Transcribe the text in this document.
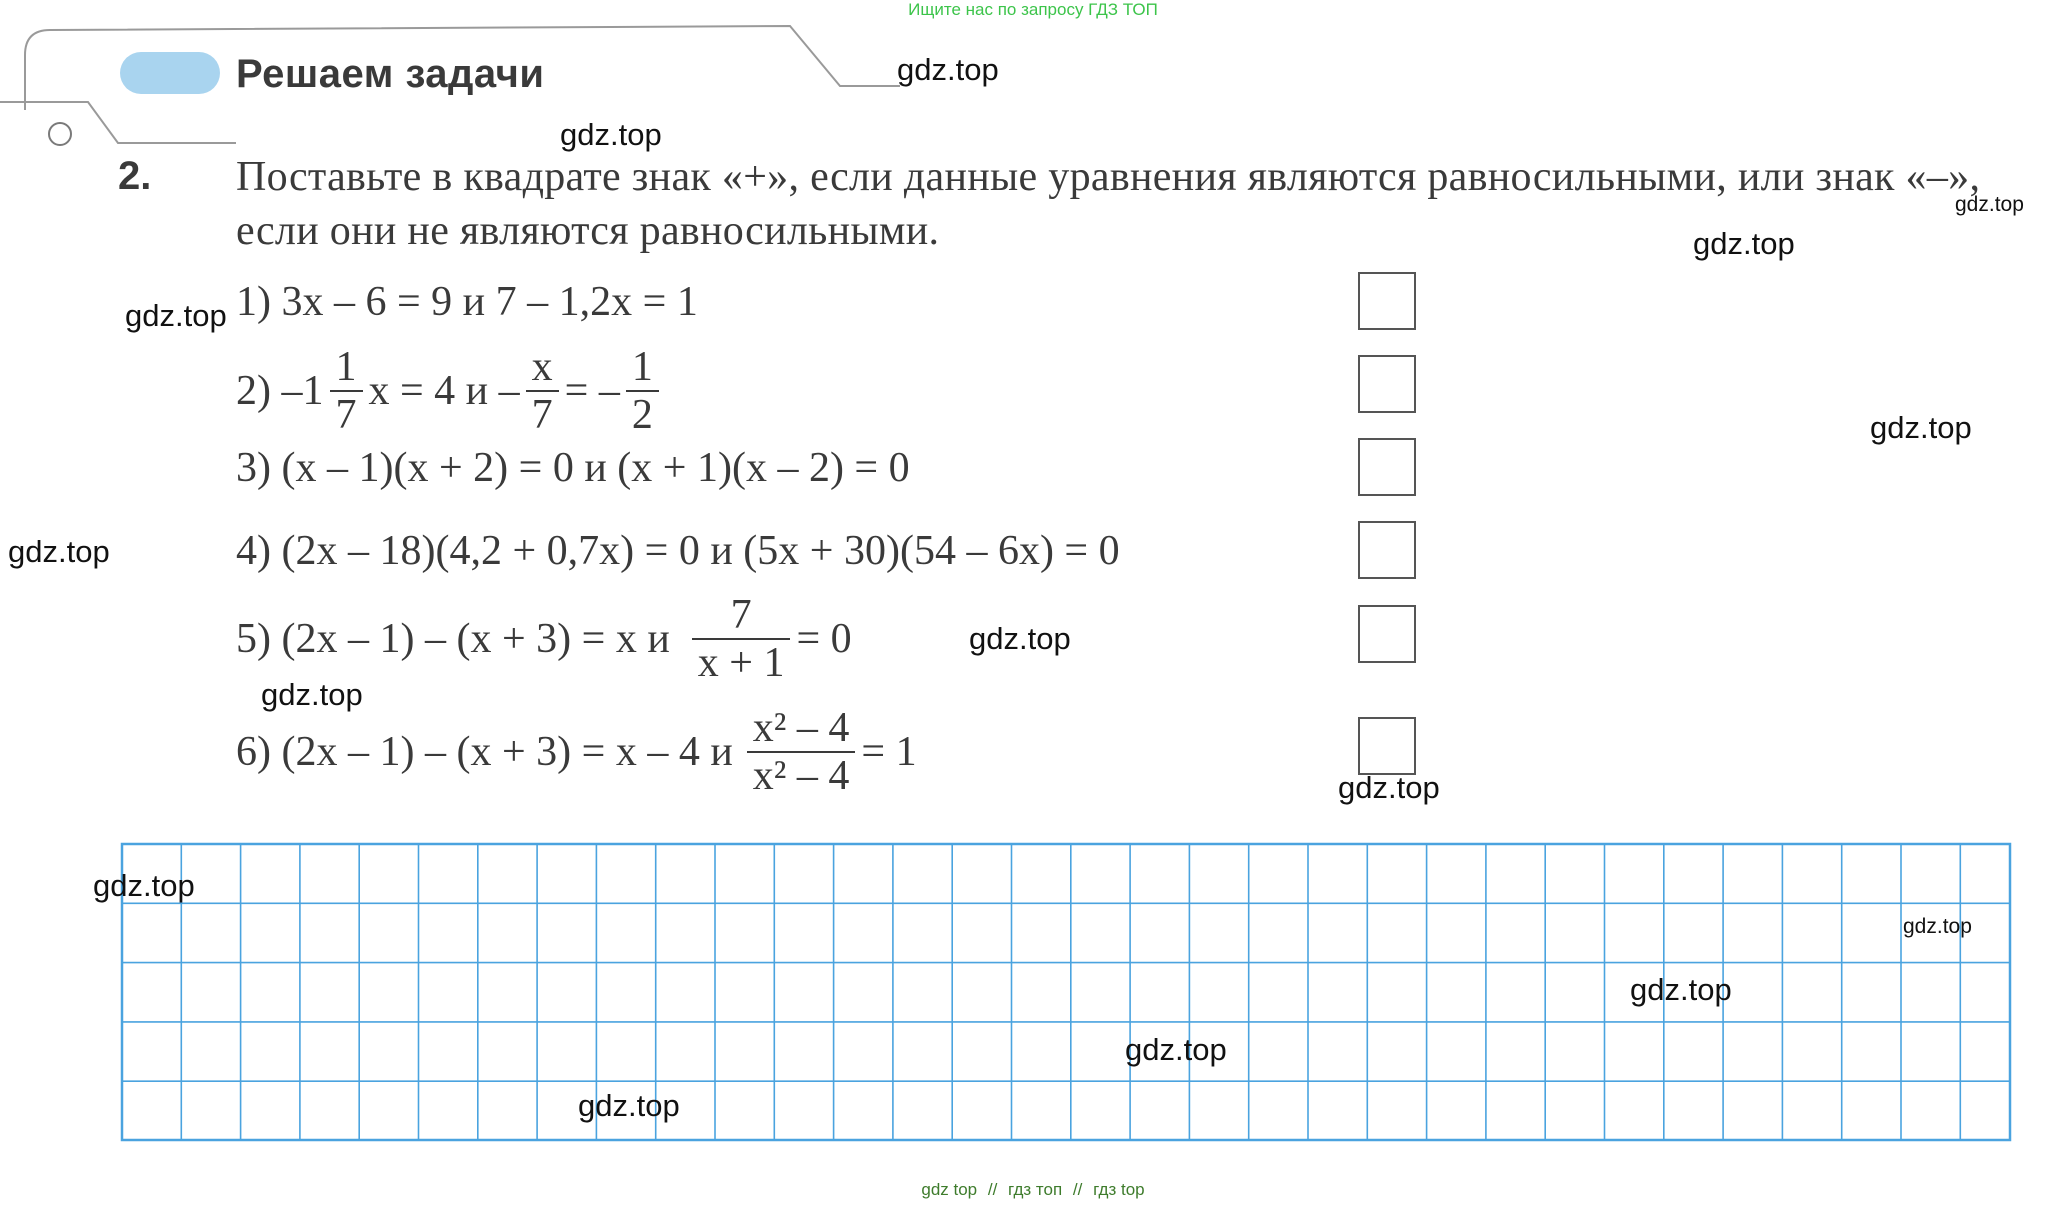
Ищите нас по запросу ГДЗ ТОП
Решаем задачи
2. Поставьте в квадрате знак «+», если данные уравнения являются равносильными, или знак «–», если они не являются равносильными.
1)
3x – 6 = 9 и 7 – 1,2x = 1
2)
$-1 \frac{1}{7}$ x = 4 и – $\frac{x}{7}$ = – $\frac{1}{2}$
3)
(x – 1)(x + 2) = 0 и (x + 1)(x – 2) = 0
4)
(2x – 18)(4,2 + 0,7x) = 0 и (5x + 30)(54 – 6x) = 0
5)
(2x – 1) – (x + 3) = x и $\frac{7}{x + 1} = 0$
6)
(2x – 1) – (x + 3) = x – 4 и $\frac{\text{x² – 4}}{\text{x² – 4}} = 1$
gdz.top
gdz.top
gdz.top
gdz.top
gdz.top
gdz.top
gdz.top
gdz.top
gdz.top
gdz.top
gdz.top
gdz.top
gdz.top
gdz.top
gdz.top
gdz top // гдз топ // гдз top
